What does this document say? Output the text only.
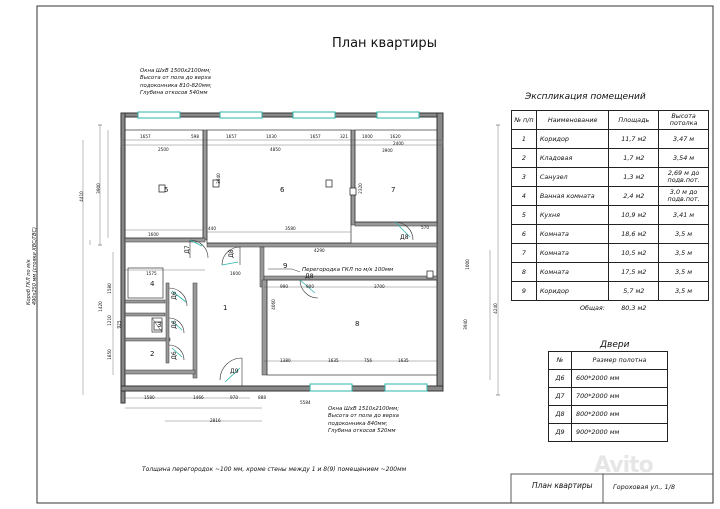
План квартиры
Окна ШхВ 1500х2100мм;
Высота от пола до верха
подоконника 810-820мм;
Глубина откосов 540мм
Окна ШхВ 1510х2100мм;
Высота от пола до верха
подоконника 840мм;
Глубина откосов 520мм
Перегородка ГКЛ по м/к 100мм
Короб ГКЛ по м/к 490х250 мм (стояки ХВС/ГВС)
Толщина перегородок ~100 мм, кроме стены между 1 и 8(9) помещением ~200мм
5	6	7
9
1
4
3
2
8
Д7	Д8
Д8
Д8
Д6
Д6
Д6
Д9
1657	598	1657	1030	1657	321	1000	1620
2500	4850
2400
3900
1600
440	3580
4290
570
1575	1600
990	900	3700
1380	1635	756	1635
1580	1466	970	888
2816
5584
4410
3900
3640
2320
1000
4240
3940
1580
1850
1210 925
1420	4060
Экспликация помещений
№ п/п	Наименование	Площадь	Высота потолка
1	Коридор	11,7 м2	3,47 м
2	Кладовая	1,7 м2	3,54 м
3	Санузел	1,3 м2	2,69 м до подв.пот.
4	Ванная комната	2,4 м2	3,0 м до подв.пот.
5	Кухня	10,9 м2	3,41 м
6	Комната	18,6 м2	3,5 м
7	Комната	10,5 м2	3,5 м
8	Комната	17,5 м2	3,5 м
9	Коридор	5,7 м2	3,5 м
	Общая:	80,3 м2	
Двери
№	Размер полотна
Д6	600*2000 мм
Д7	700*2000 мм
Д8	800*2000 мм
Д9	900*2000 мм
План квартиры	Гороховая ул., 1/8
Avito
